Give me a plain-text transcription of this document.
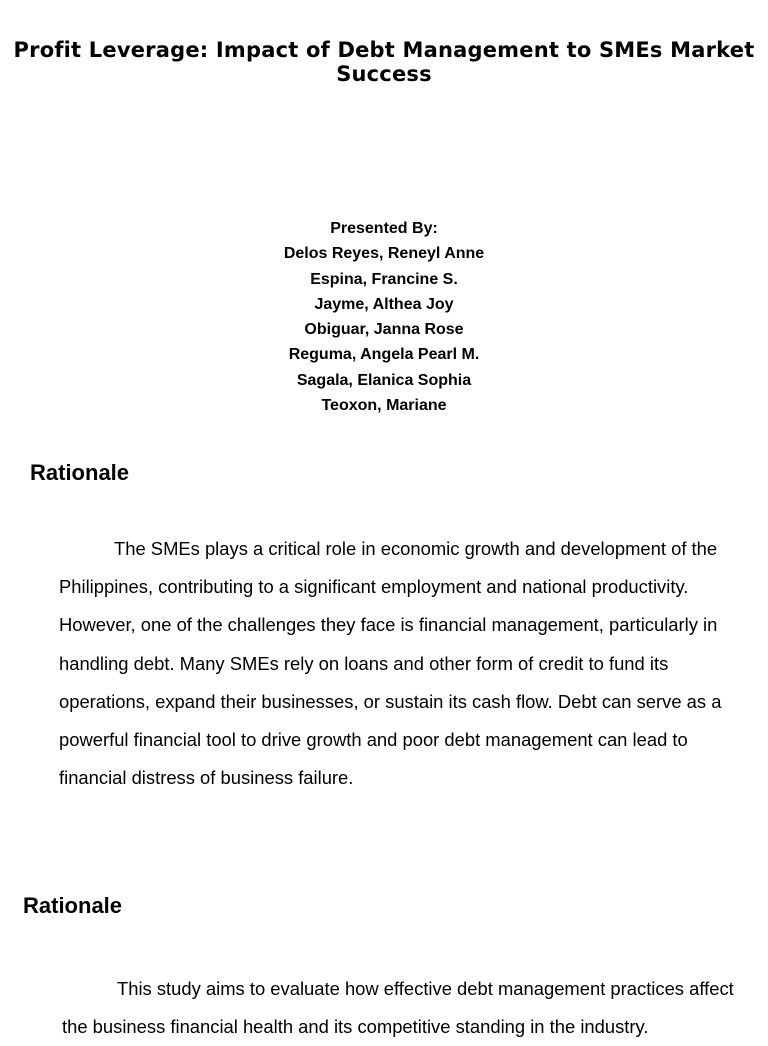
Profit Leverage: Impact of Debt Management to SMEs Market Success
Presented By:
Delos Reyes, Reneyl Anne
Espina, Francine S.
Jayme, Althea Joy
Obiguar, Janna Rose
Reguma, Angela Pearl M.
Sagala, Elanica Sophia
Teoxon, Mariane
Rationale

The SMEs plays a critical role in economic growth and development of the Philippines, contributing to a significant employment and national productivity. However, one of the challenges they face is financial management, particularly in handling debt. Many SMEs rely on loans and other form of credit to fund its operations, expand their businesses, or sustain its cash flow. Debt can serve as a powerful financial tool to drive growth and poor debt management can lead to financial distress of business failure.

Rationale

This study aims to evaluate how effective debt management practices affect the business financial health and its competitive standing in the industry.
